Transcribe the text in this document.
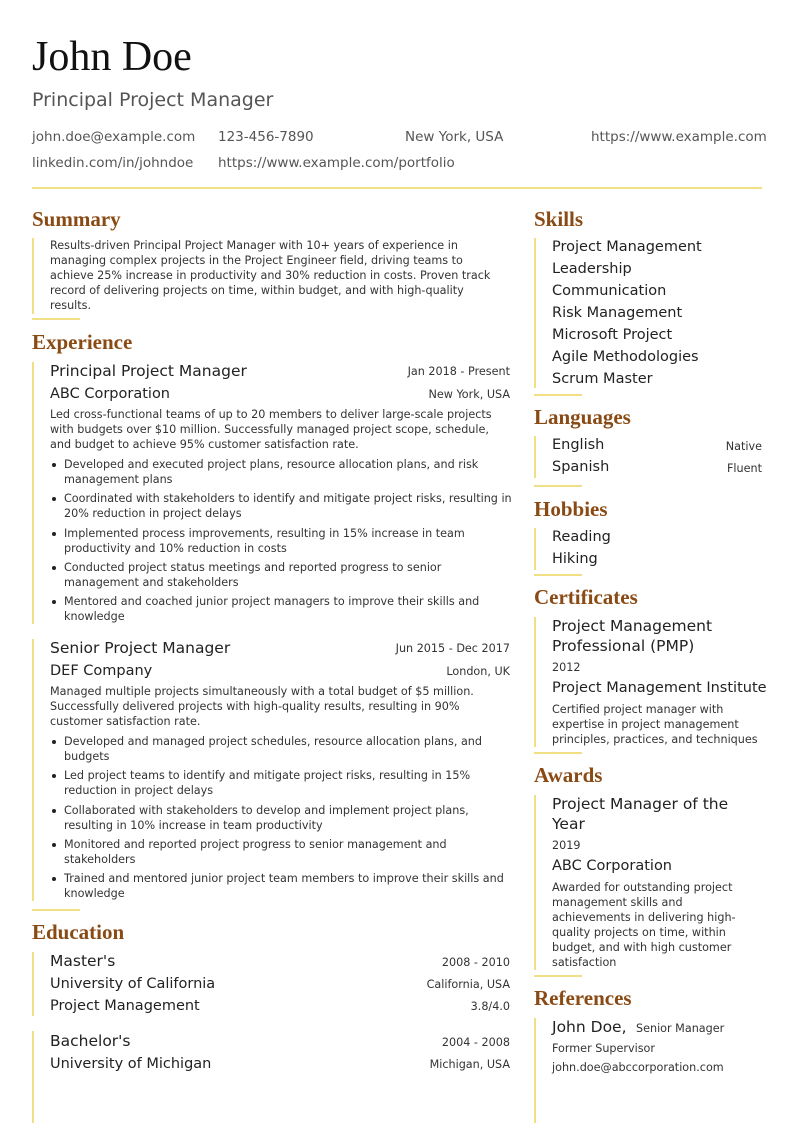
John Doe
Principal Project Manager
john.doe@example.com 123-456-7890	New York, USA	https://www.example.com
linkedin.com/in/johndoe https://www.example.com/portfolio
Summary
Results-driven Principal Project Manager with 10+ years of experience in managing complex projects in the Project Engineer field, driving teams to achieve 25% increase in productivity and 30% reduction in costs. Proven track record of delivering projects on time, within budget, and with high-quality results.
Experience
Principal Project Manager	Jan 2018 - Present
ABC Corporation	New York, USA
Led cross-functional teams of up to 20 members to deliver large-scale projects with budgets over $10 million. Successfully managed project scope, schedule, and budget to achieve 95% customer satisfaction rate.
Developed and executed project plans, resource allocation plans, and risk management plans
Coordinated with stakeholders to identify and mitigate project risks, resulting in 20% reduction in project delays
Implemented process improvements, resulting in 15% increase in team productivity and 10% reduction in costs
Conducted project status meetings and reported progress to senior management and stakeholders
Mentored and coached junior project managers to improve their skills and knowledge
Senior Project Manager	Jun 2015 - Dec 2017
DEF Company	London, UK
Managed multiple projects simultaneously with a total budget of $5 million. Successfully delivered projects with high-quality results, resulting in 90% customer satisfaction rate.
Developed and managed project schedules, resource allocation plans, and budgets
Led project teams to identify and mitigate project risks, resulting in 15% reduction in project delays
Collaborated with stakeholders to develop and implement project plans, resulting in 10% increase in team productivity
Monitored and reported project progress to senior management and stakeholders
Trained and mentored junior project team members to improve their skills and knowledge
Education
Master's	2008 - 2010
University of California	California, USA
Project Management	3.8/4.0
Bachelor's	2004 - 2008
University of Michigan	Michigan, USA
Skills
Project Management
Leadership
Communication
Risk Management
Microsoft Project
Agile Methodologies
Scrum Master
Languages
English	Native
Spanish	Fluent
Hobbies
Reading
Hiking
Certificates
Project Management
Professional (PMP)
2012
Project Management Institute
Certified project manager with expertise in project management principles, practices, and techniques
Awards
Project Manager of the
Year
2019
ABC Corporation
Awarded for outstanding project management skills and achievements in delivering high-quality projects on time, within budget, and with high customer satisfaction
References
John Doe, Senior Manager
Former Supervisor
john.doe@abccorporation.com
